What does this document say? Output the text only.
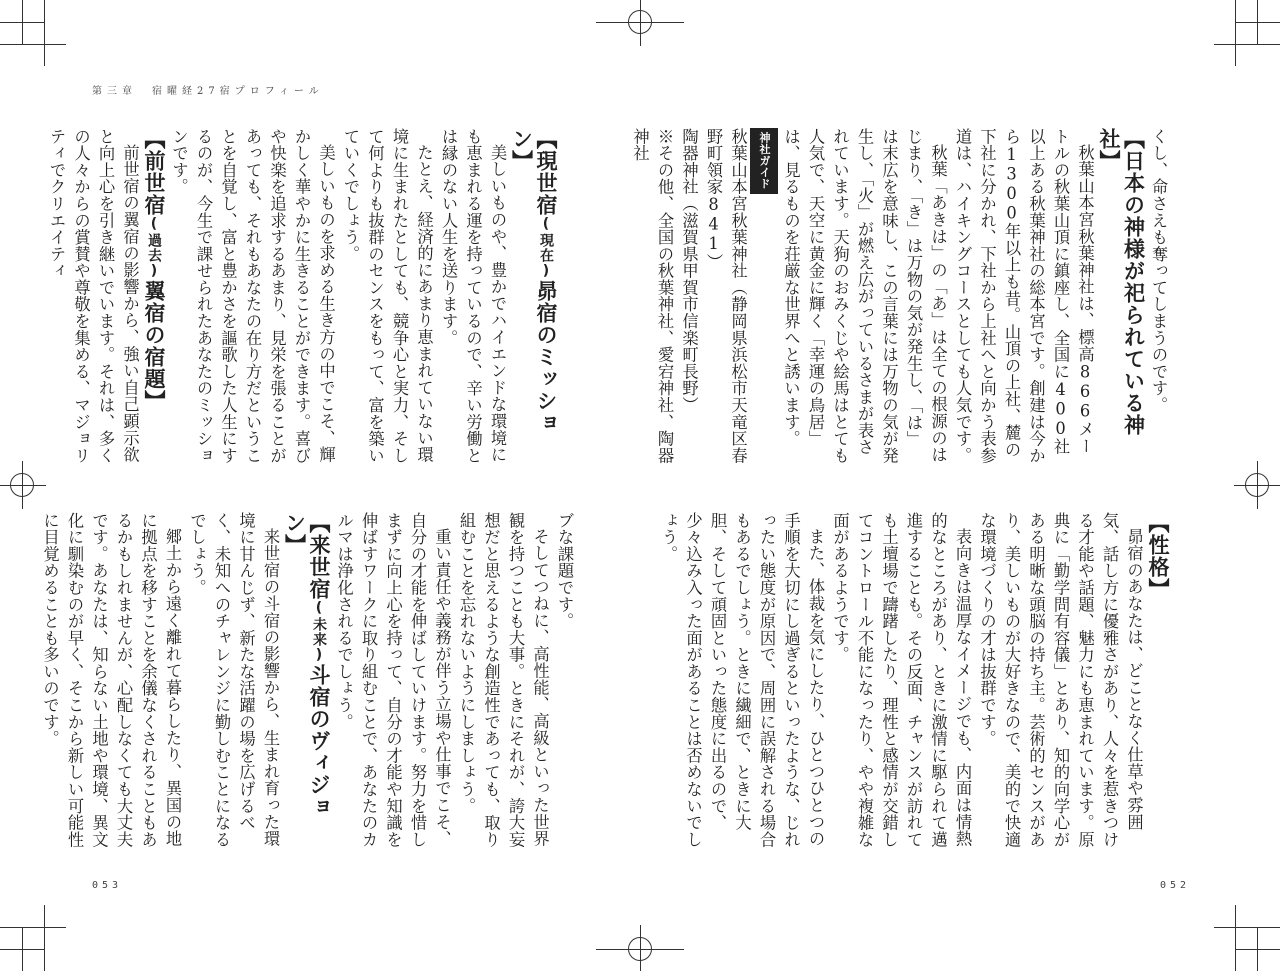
第三章　宿曜経27宿プロフィール

くし、命さえも奪ってしまうのです。

【日本の神様が祀られている神社】

秋葉山本宮秋葉神社は、標高866メートルの秋葉山頂に鎮座し、全国に400社以上ある秋葉神社の総本宮です。創建は今から1300年以上も昔。山頂の上社、麓の下社に分かれ、下社から上社へと向かう表参道は、ハイキングコースとしても人気です。

秋葉「あきは」の「あ」は全ての根源のはじまり、「き」は万物の気が発生し、「は」は末広を意味し、この言葉には万物の気が発生し、「火」が燃え広がっているさまが表されています。天狗のおみくじや絵馬はとても人気で、天空に黄金に輝く「幸運の鳥居」は、見るものを荘厳な世界へと誘います。

神社ガイド

秋葉山本宮秋葉神社（静岡県浜松市天竜区春野町領家841）

陶器神社（滋賀県甲賀市信楽町長野）

※その他、全国の秋葉神社、愛宕神社、陶器神社

【性格】

昴宿のあなたは、どことなく仕草や雰囲気、話し方に優雅さがあり、人々を惹きつける才能や話題、魅力にも恵まれています。原典に「勤学問有容儀」とあり、知的向学心がある明晰な頭脳の持ち主。芸術的センスがあり、美しいものが大好きなので、美的で快適な環境づくりの才は抜群です。

表向きは温厚なイメージでも、内面は情熱的なところがあり、ときに激情に駆られて邁進することも。その反面、チャンスが訪れても土壇場で躊躇したり、理性と感情が交錯してコントロール不能になったり、やや複雑な面があるようです。

また、体裁を気にしたり、ひとつひとつの手順を大切にし過ぎるといったような、じれったい態度が原因で、周囲に誤解される場合もあるでしょう。ときに繊細で、ときに大胆、そして頑固といった態度に出るので、少々込み入った面があることは否めないでしょう。

【現世宿(現在)昴宿のミッション】

美しいものや、豊かでハイエンドな環境にも恵まれる運を持っているので、辛い労働とは縁のない人生を送ります。

たとえ、経済的にあまり恵まれていない環境に生まれたとしても、競争心と実力、そして何よりも抜群のセンスをもって、富を築いていくでしょう。

美しいものを求める生き方の中でこそ、輝かしく華やかに生きることができます。喜びや快楽を追求するあまり、見栄を張ることがあっても、それもあなたの在り方だということを自覚し、富と豊かさを謳歌した人生にするのが、今生で課せられたあなたのミッションです。

【前世宿(過去)翼宿の宿題】

前世宿の翼宿の影響から、強い自己顕示欲と向上心を引き継いでいます。それは、多くの人々からの賞賛や尊敬を集める、マジョリティでクリエイティ

ブな課題です。

そしてつねに、高性能、高級といった世界観を持つことも大事。ときにそれが、誇大妄想だと思えるような創造性であっても、取り組むことを忘れないようにしましょう。

重い責任や義務が伴う立場や仕事でこそ、自分の才能を伸ばしていけます。努力を惜しまずに向上心を持って、自分の才能や知識を伸ばすワークに取り組むことで、あなたのカルマは浄化されるでしょう。

【来世宿(未来)斗宿のヴィジョン】

来世宿の斗宿の影響から、生まれ育った環境に甘んじず、新たな活躍の場を広げるべく、未知へのチャレンジに勤しむことになるでしょう。

郷土から遠く離れて暮らしたり、異国の地に拠点を移すことを余儀なくされることもあるかもしれませんが、心配しなくても大丈夫です。あなたは、知らない土地や環境、異文化に馴染むのが早く、そこから新しい可能性に目覚めることも多いのです。

053	052
